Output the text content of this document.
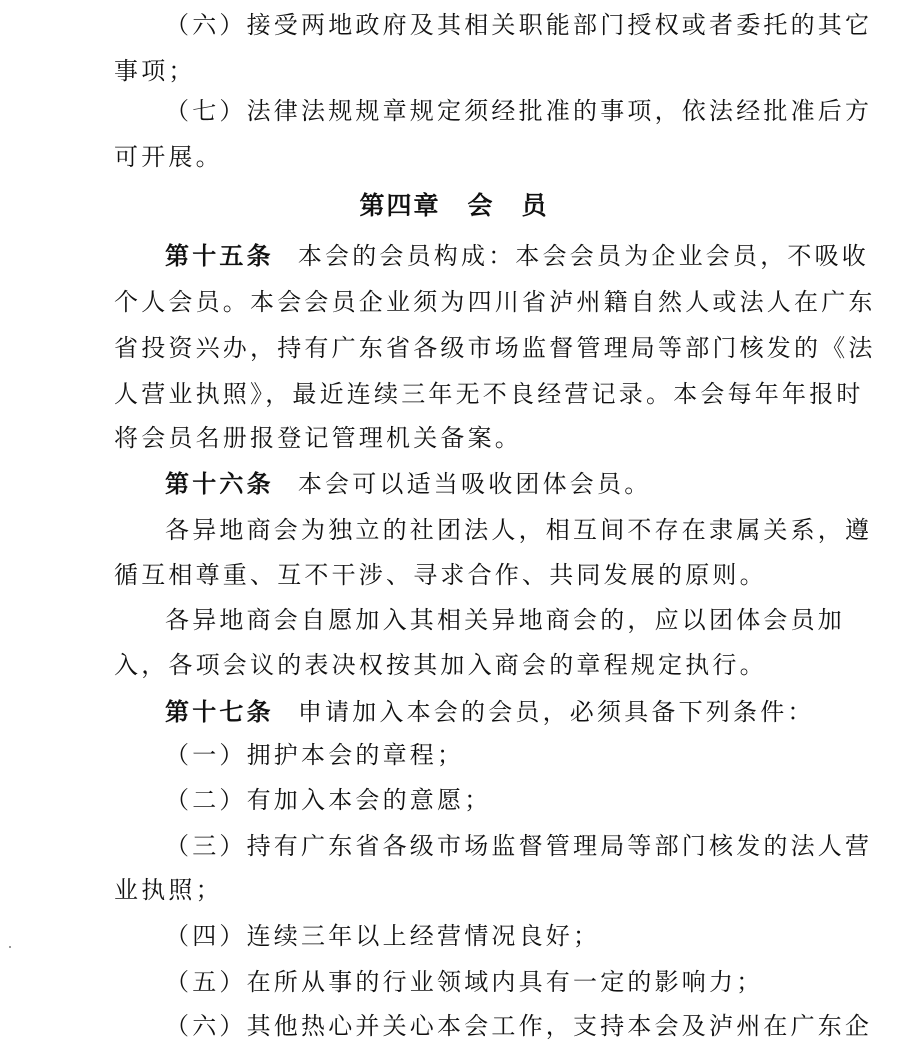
（六）接受两地政府及其相关职能部门授权或者委托的其它
事项；
（七）法律法规规章规定须经批准的事项，依法经批准后方
可开展。
第四章　会　员
第十五条 本会的会员构成：本会会员为企业会员，不吸收
个人会员。本会会员企业须为四川省泸州籍自然人或法人在广东
省投资兴办，持有广东省各级市场监督管理局等部门核发的《法
人营业执照》，最近连续三年无不良经营记录。本会每年年报时
将会员名册报登记管理机关备案。
第十六条 本会可以适当吸收团体会员。
各异地商会为独立的社团法人，相互间不存在隶属关系，遵
循互相尊重、互不干涉、寻求合作、共同发展的原则。
各异地商会自愿加入其相关异地商会的，应以团体会员加
入，各项会议的表决权按其加入商会的章程规定执行。
第十七条 申请加入本会的会员，必须具备下列条件：
（一）拥护本会的章程；
（二）有加入本会的意愿；
（三）持有广东省各级市场监督管理局等部门核发的法人营
业执照；
（四）连续三年以上经营情况良好；
（五）在所从事的行业领域内具有一定的影响力；
（六）其他热心并关心本会工作，支持本会及泸州在广东企
